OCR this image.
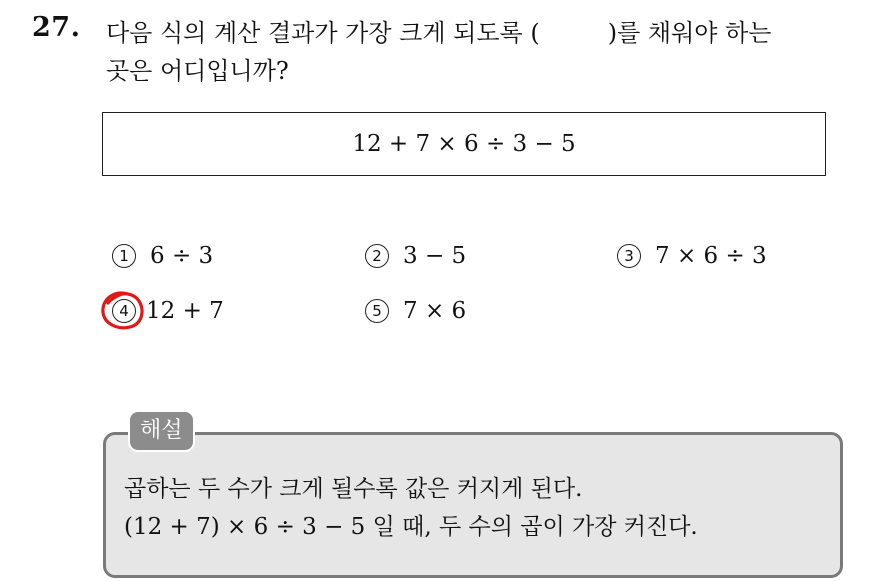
27. 다음 식의 계산 결과가 가장 크게 되도록 (	)를 채워야 하는
곳은 어디입니까?
12 + 7 × 6 ÷ 3 − 5
1 6 ÷ 3	2 3 − 5	3 7 × 6 ÷ 3
4 12 + 7	5 7 × 6
해설
곱하는 두 수가 크게 될수록 값은 커지게 된다.
(12 + 7) × 6 ÷ 3 − 5 일 때, 두 수의 곱이 가장 커진다.
